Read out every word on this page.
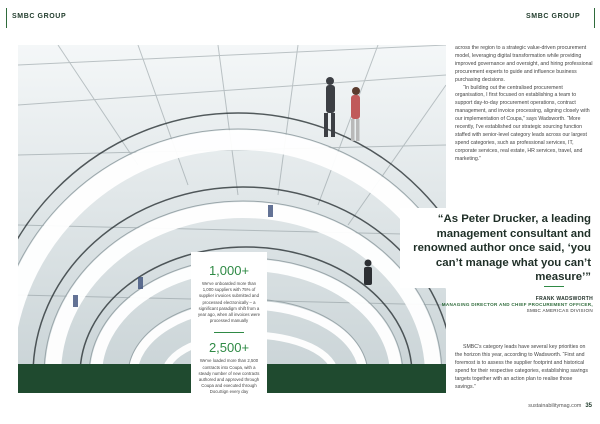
SMBC GROUP	SMBC GROUP
1,000+
We've onboarded more than 1,000 suppliers with 75% of supplier invoices submitted and processed electronically – a significant paradigm shift from a year ago, when all invoices were processed manually
2,500+
We've loaded more than 2,500 contracts into Coupa, with a steady number of new contracts authored and approved through Coupa and executed through DocuSign every day

across the region to a strategic value-driven procurement model, leveraging digital transformation while providing improved governance and oversight, and hiring professional procurement experts to guide and influence business purchasing decisions.

“In building out the centralised procurement organisation, I first focused on establishing a team to support day-to-day procurement operations, contract management, and invoice processing, aligning closely with our implementation of Coupa,” says Wadsworth. “More recently, I’ve established our strategic sourcing function staffed with senior-level category leads across our largest spend categories, such as professional services, IT, corporate services, real estate, HR services, travel, and marketing.”

“As Peter Drucker, a leading management consultant and renowned author once said, ‘you can’t manage what you can’t measure’”
FRANK WADSWORTH
MANAGING DIRECTOR AND CHIEF PROCUREMENT OFFICER,
SMBC AMERICAS DIVISION

SMBC’s category leads have several key priorities on the horizon this year, according to Wadsworth. “First and foremost is to assess the supplier footprint and historical spend for their respective categories, establishing savings targets together with an action plan to realise those savings.”

sustainabilitymag.com 35
